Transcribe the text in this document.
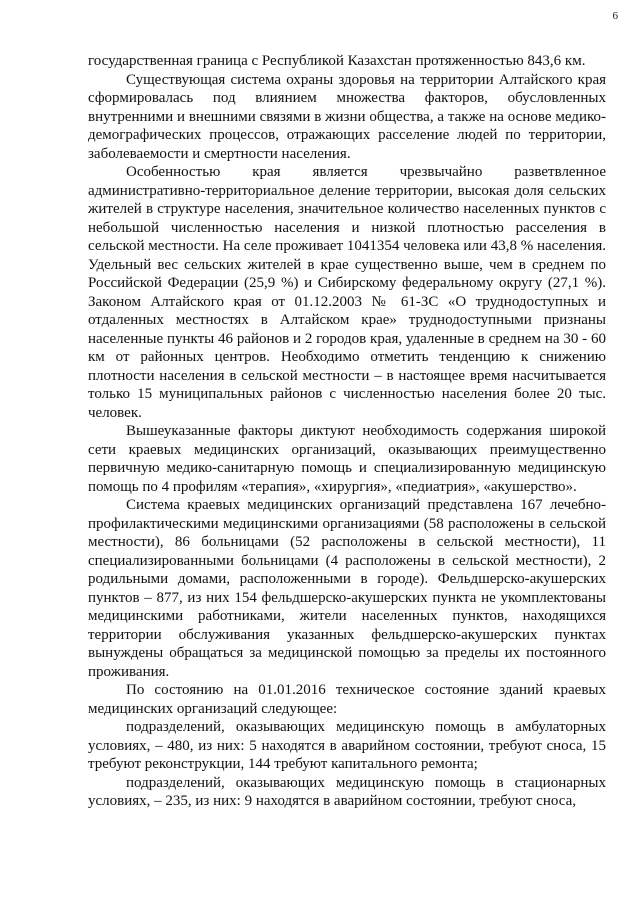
6

государственная граница с Республикой Казахстан протяженностью 843,6 км.

Существующая система охраны здоровья на территории Алтайского края сформировалась под влиянием множества факторов, обусловленных внутренними и внешними связями в жизни общества, а также на основе медико-демографических процессов, отражающих расселение людей по территории, заболеваемости и смертности населения.

Особенностью края является чрезвычайно разветвленное административно-территориальное деление территории, высокая доля сельских жителей в структуре населения, значительное количество населенных пунктов с небольшой численностью населения и низкой плотностью расселения в сельской местности. На селе проживает 1041354 человека или 43,8 % населения. Удельный вес сельских жителей в крае существенно выше, чем в среднем по Российской Федерации (25,9 %) и Сибирскому федеральному округу (27,1 %). Законом Алтайского края от 01.12.2003 № 61-ЗС «О труднодоступных и отдаленных местностях в Алтайском крае» труднодоступными признаны населенные пункты 46 районов и 2 городов края, удаленные в среднем на 30 - 60 км от районных центров. Необходимо отметить тенденцию к снижению плотности населения в сельской местности – в настоящее время насчитывается только 15 муниципальных районов с численностью населения более 20 тыс. человек.

Вышеуказанные факторы диктуют необходимость содержания широкой сети краевых медицинских организаций, оказывающих преимущественно первичную медико-санитарную помощь и специализированную медицинскую помощь по 4 профилям «терапия», «хирургия», «педиатрия», «акушерство».

Система краевых медицинских организаций представлена 167 лечебно-профилактическими медицинскими организациями (58 расположены в сельской местности), 86 больницами (52 расположены в сельской местности), 11 специализированными больницами (4 расположены в сельской местности), 2 родильными домами, расположенными в городе). Фельдшерско-акушерских пунктов – 877, из них 154 фельдшерско-акушерских пункта не укомплектованы медицинскими работниками, жители населенных пунктов, находящихся территории обслуживания указанных фельдшерско-акушерских пунктах вынуждены обращаться за медицинской помощью за пределы их постоянного проживания.

По состоянию на 01.01.2016 техническое состояние зданий краевых медицинских организаций следующее:

подразделений, оказывающих медицинскую помощь в амбулаторных условиях, – 480, из них: 5 находятся в аварийном состоянии, требуют сноса, 15 требуют реконструкции, 144 требуют капитального ремонта;

подразделений, оказывающих медицинскую помощь в стационарных условиях, – 235, из них: 9 находятся в аварийном состоянии, требуют сноса,
